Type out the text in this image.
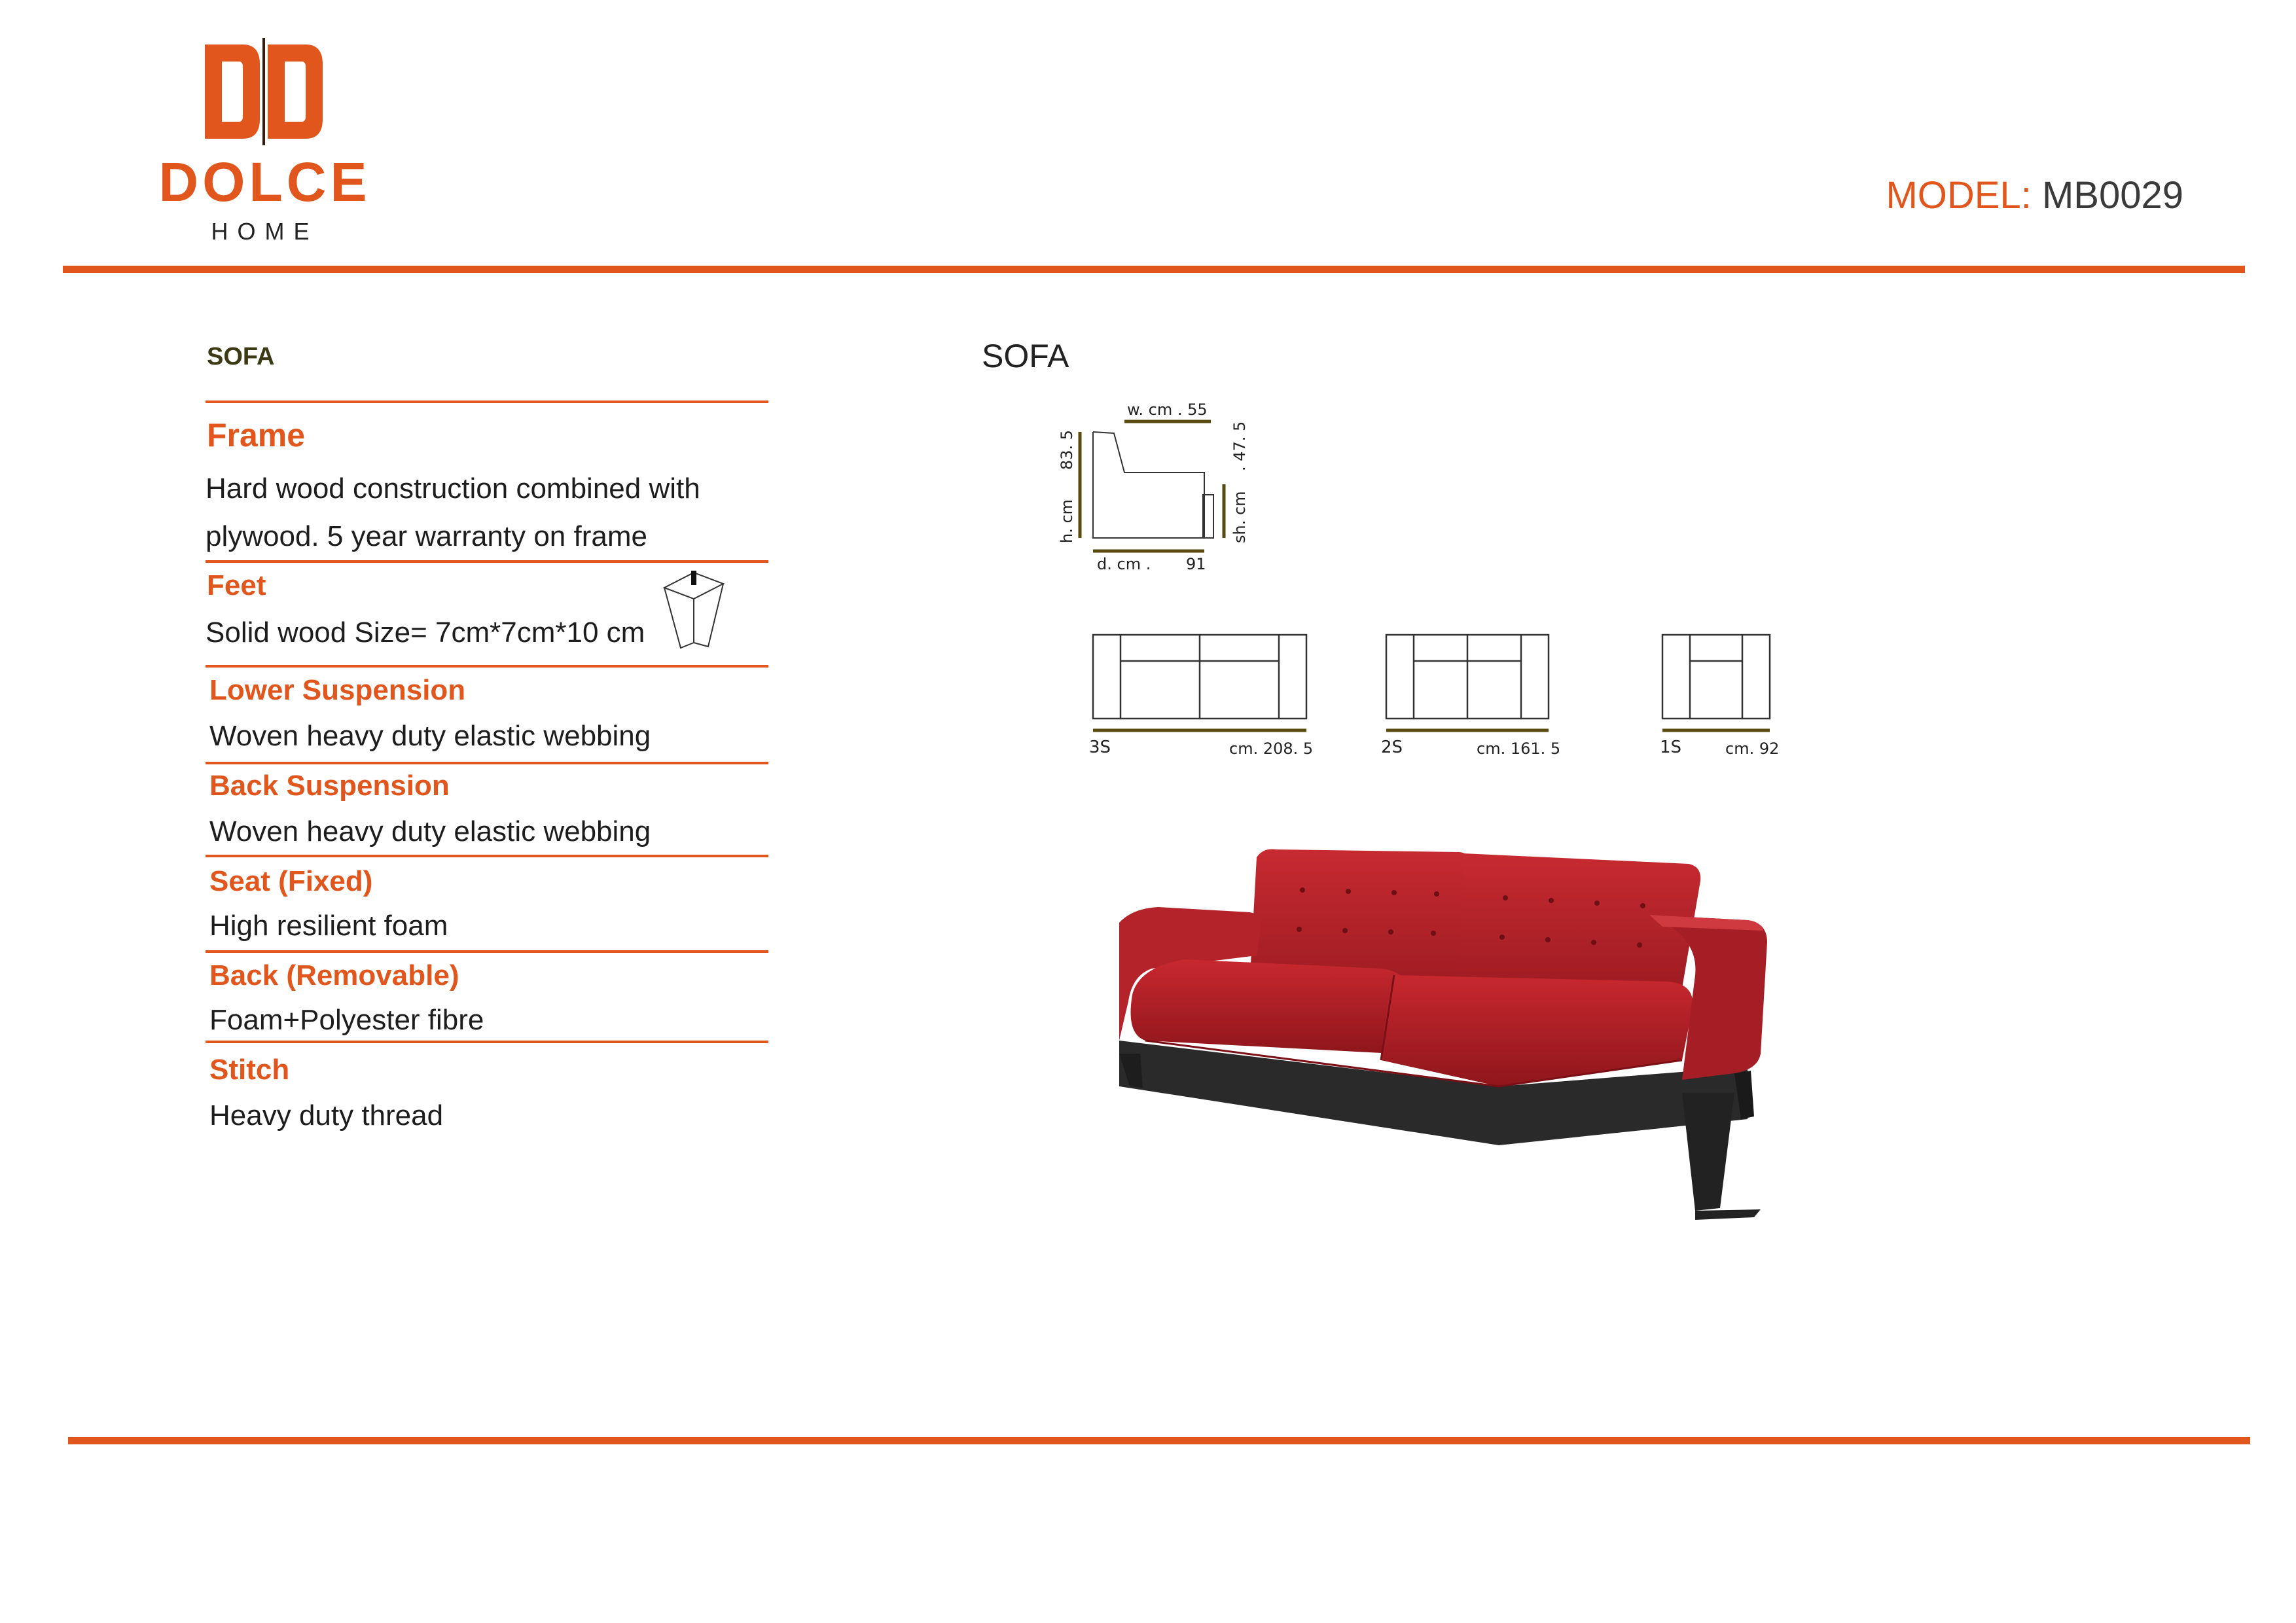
DOLCE
HOME
MODEL: MB0029
SOFA
Frame
Hard wood construction combined with
plywood. 5 year warranty on frame
Feet
Solid wood Size= 7cm*7cm*10 cm
Lower Suspension
Woven heavy duty elastic webbing
Back Suspension
Woven heavy duty elastic webbing
Seat (Fixed)
High resilient foam
Back (Removable)
Foam+Polyester fibre
Stitch
Heavy duty thread
SOFA
w. cm . 55
h. cm
83. 5
sh. cm
. 47. 5
d. cm . 91
3S	cm. 208. 5	2S	cm. 161. 5	1S	cm. 92
